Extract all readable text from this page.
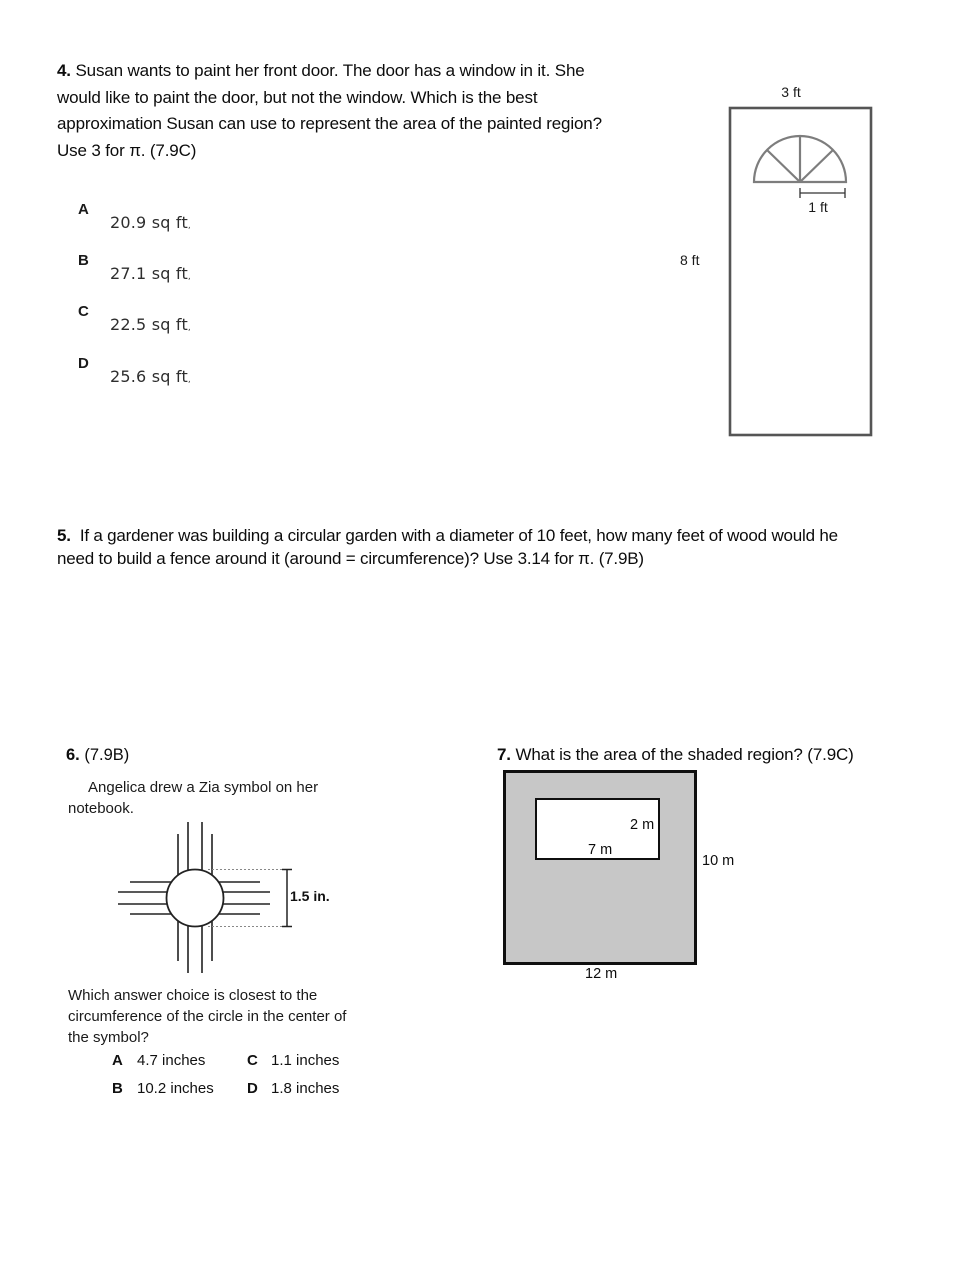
4. Susan wants to paint her front door. The door has a window in it. She
would like to paint the door, but not the window. Which is the best
approximation Susan can use to represent the area of the painted region?
Use 3 for π. (7.9C)
A
20.9 sq ft,
B
27.1 sq ft,
C
22.5 sq ft,
D
25.6 sq ft,
3 ft
8 ft
1 ft
5. If a gardener was building a circular garden with a diameter of 10 feet, how many feet of wood would he
need to build a fence around it (around = circumference)? Use 3.14 for π. (7.9B)
6. (7.9B)
Angelica drew a Zia symbol on her
notebook.
1.5 in.
Which answer choice is closest to the
circumference of the circle in the center of
the symbol?
A 4.7 inches	C 1.1 inches
B 10.2 inches D 1.8 inches
7. What is the area of the shaded region? (7.9C)
2 m
7 m
10 m
12 m
